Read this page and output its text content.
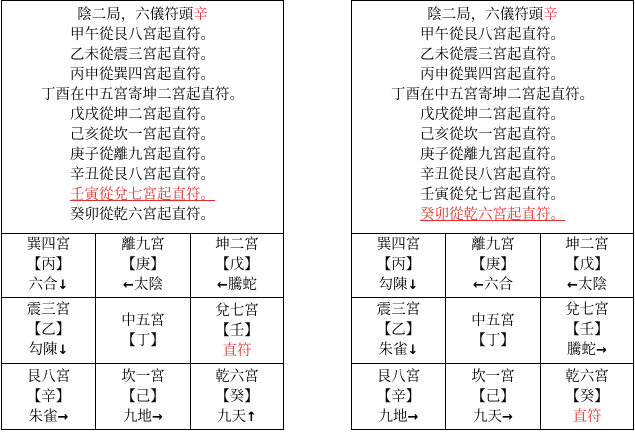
陰二局，六儀符頭辛
甲午從艮八宮起直符。
乙未從震三宮起直符。
丙申從巽四宮起直符。
丁酉在中五宮寄坤二宮起直符。
戊戌從坤二宮起直符。
己亥從坎一宮起直符。
庚子從離九宮起直符。
辛丑從艮八宮起直符。
壬寅從兌七宮起直符。
癸卯從乾六宮起直符。
巽四宮
【丙】
六合↓
離九宮
【庚】
←太陰
坤二宮
【戊】
←騰蛇
震三宮
【乙】
勾陳↓
中五宮
【丁】
兌七宮
【壬】
直符
艮八宮
【辛】
朱雀→
坎一宮
【己】
九地→
乾六宮
【癸】
九天↑
陰二局，六儀符頭辛
甲午從艮八宮起直符。
乙未從震三宮起直符。
丙申從巽四宮起直符。
丁酉在中五宮寄坤二宮起直符。
戊戌從坤二宮起直符。
己亥從坎一宮起直符。
庚子從離九宮起直符。
辛丑從艮八宮起直符。
壬寅從兌七宮起直符。
癸卯從乾六宮起直符。
巽四宮
【丙】
勾陳↓
離九宮
【庚】
←六合
坤二宮
【戊】
←太陰
震三宮
【乙】
朱雀↓
中五宮
【丁】
兌七宮
【壬】
騰蛇→
艮八宮
【辛】
九地→
坎一宮
【己】
九天→
乾六宮
【癸】
直符
